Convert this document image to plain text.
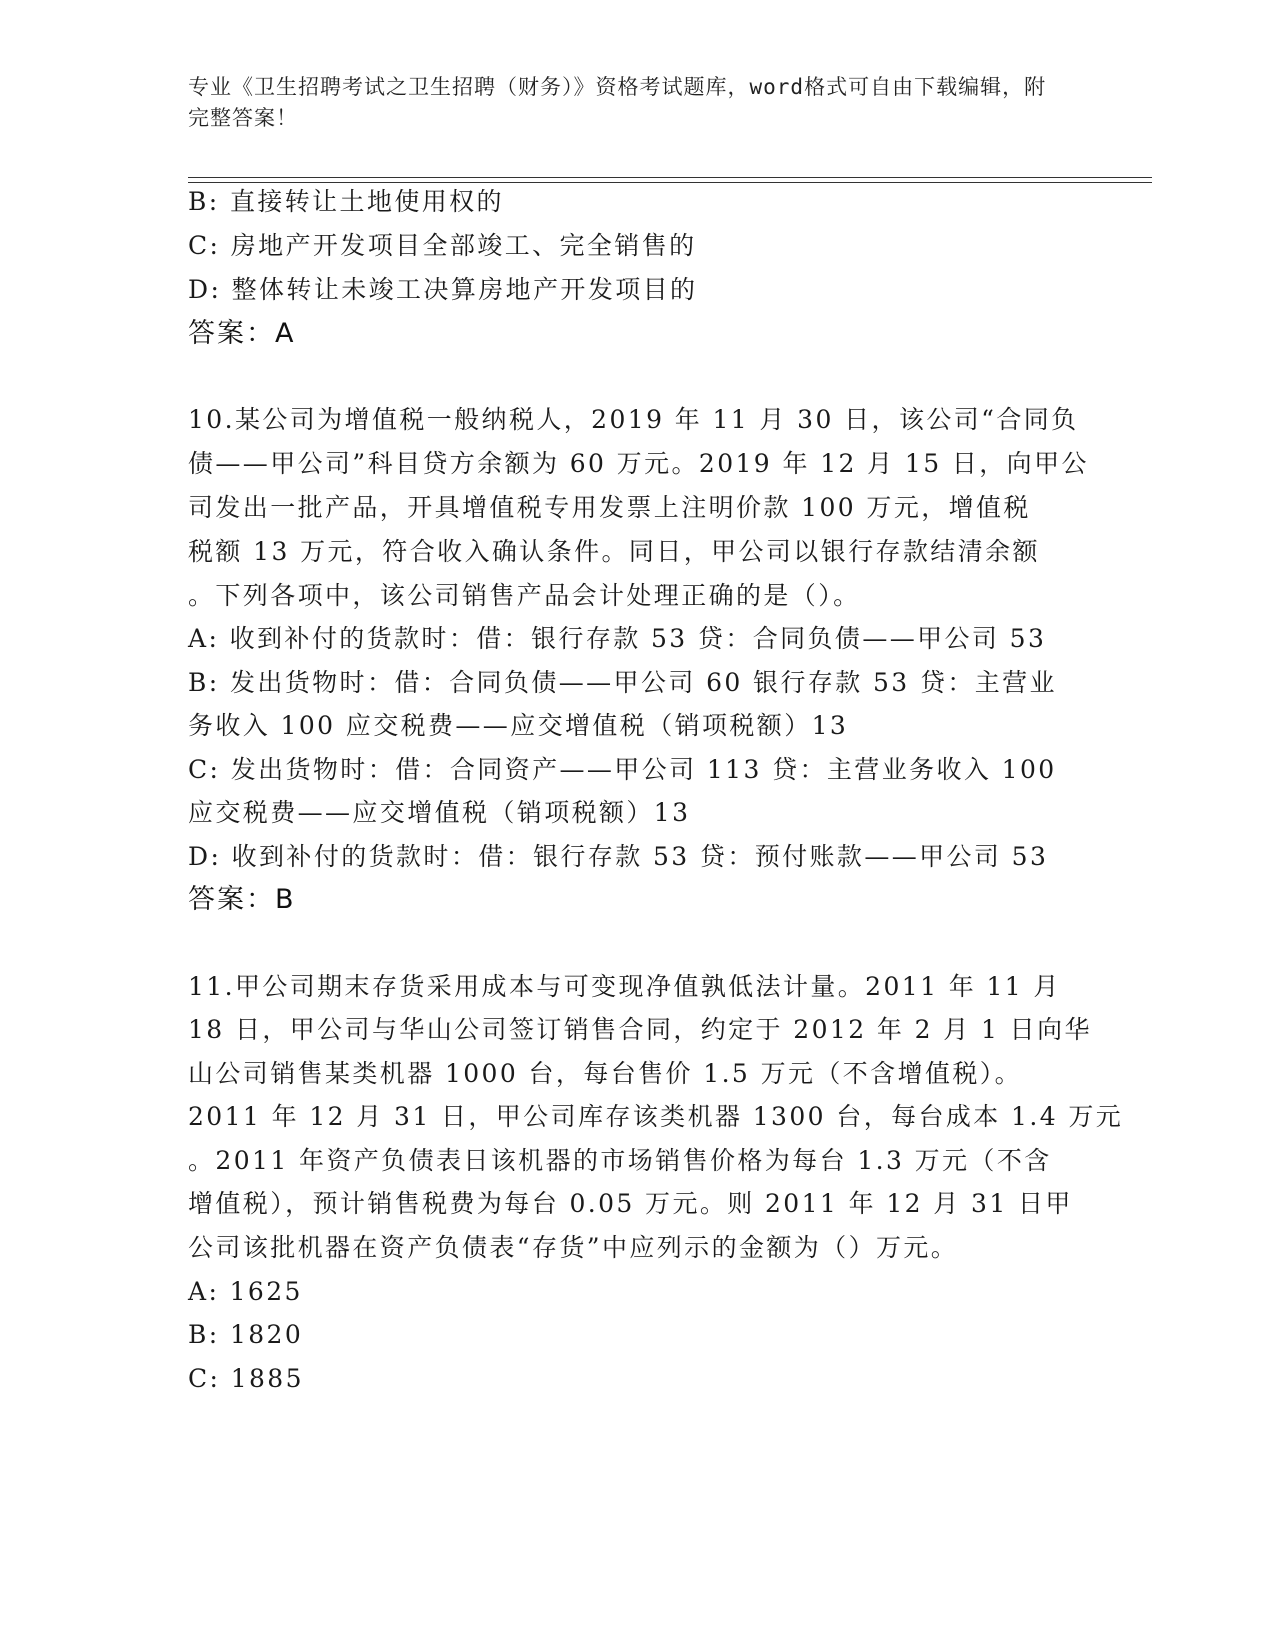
专业《卫生招聘考试之卫生招聘（财务）》资格考试题库，word格式可自由下载编辑，附完整答案！
B: 直接转让土地使用权的
C: 房地产开发项目全部竣工、完全销售的
D: 整体转让未竣工决算房地产开发项目的
答案：A
10.某公司为增值税一般纳税人，2019 年 11 月 30 日，该公司“合同负
债——甲公司”科目贷方余额为 60 万元。2019 年 12 月 15 日，向甲公
司发出一批产品，开具增值税专用发票上注明价款 100 万元，增值税
税额 13 万元，符合收入确认条件。同日，甲公司以银行存款结清余额
。下列各项中，该公司销售产品会计处理正确的是（）。
A: 收到补付的货款时：借：银行存款 53 贷：合同负债——甲公司 53
B: 发出货物时：借：合同负债——甲公司 60 银行存款 53 贷：主营业
务收入 100 应交税费——应交增值税（销项税额）13
C: 发出货物时：借：合同资产——甲公司 113 贷：主营业务收入 100
应交税费——应交增值税（销项税额）13
D: 收到补付的货款时：借：银行存款 53 贷：预付账款——甲公司 53
答案：B
11.甲公司期末存货采用成本与可变现净值孰低法计量。2011 年 11 月
18 日，甲公司与华山公司签订销售合同，约定于 2012 年 2 月 1 日向华
山公司销售某类机器 1000 台，每台售价 1.5 万元（不含增值税）。
2011 年 12 月 31 日，甲公司库存该类机器 1300 台，每台成本 1.4 万元
。2011 年资产负债表日该机器的市场销售价格为每台 1.3 万元（不含
增值税），预计销售税费为每台 0.05 万元。则 2011 年 12 月 31 日甲
公司该批机器在资产负债表“存货”中应列示的金额为（）万元。
A: 1625
B: 1820
C: 1885
